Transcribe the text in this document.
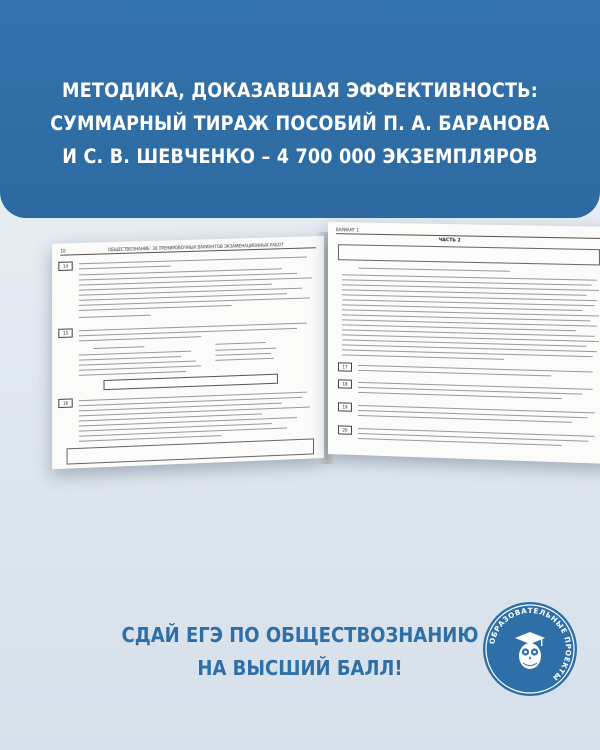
МЕТОДИКА, ДОКАЗАВШАЯ ЭФФЕКТИВНОСТЬ:
СУММАРНЫЙ ТИРАЖ ПОСОБИЙ П. А. БАРАНОВА
И С. В. ШЕВЧЕНКО – 4 700 000 ЭКЗЕМПЛЯРОВ
10	ОБЩЕСТВОЗНАНИЕ: 30 ТРЕНИРОВОЧНЫХ ВАРИАНТОВ ЭКЗАМЕНАЦИОННЫХ РАБОТ
14
15
16
ВАРИАНТ 1
ЧАСТЬ 2
17
18
19
20
СДАЙ ЕГЭ ПО ОБЩЕСТВОЗНАНИЮ
НА ВЫСШИЙ БАЛЛ!
ОБРАЗОВАТЕЛЬНЫЕ ПРОЕКТЫ
